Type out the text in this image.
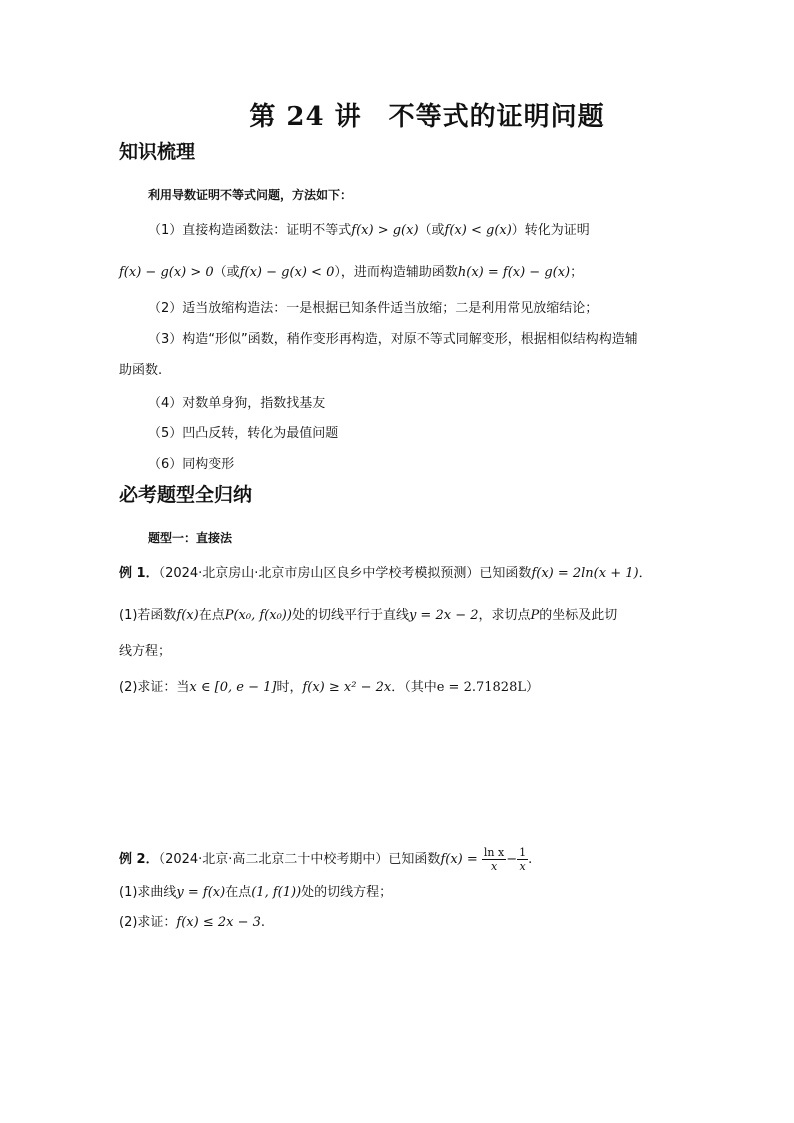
第 24 讲　不等式的证明问题
知识梳理
利用导数证明不等式问题，方法如下：
（1）直接构造函数法：证明不等式f(x) > g(x)（或f(x) < g(x)）转化为证明
f(x) − g(x) > 0（或f(x) − g(x) < 0），进而构造辅助函数h(x) = f(x) − g(x)；
（2）适当放缩构造法：一是根据已知条件适当放缩；二是利用常见放缩结论；
（3）构造“形似”函数，稍作变形再构造，对原不等式同解变形，根据相似结构构造辅
助函数.
（4）对数单身狗，指数找基友
（5）凹凸反转，转化为最值问题
（6）同构变形
必考题型全归纳
题型一：直接法
例 1．（2024·北京房山·北京市房山区良乡中学校考模拟预测）已知函数f(x) = 2ln(x + 1)．
(1)若函数f(x)在点P(x₀, f(x₀))处的切线平行于直线y = 2x − 2，求切点P的坐标及此切
线方程；
(2)求证：当x ∈ [0, e − 1]时，f(x) ≥ x² − 2x．（其中e = 2.71828L）
例 2．（2024·北京·高二北京二十中校考期中）已知函数$f(x) = \frac{\text{ln x}}{x} - \frac{1}{x}$ .
(1)求曲线y = f(x)在点(1, f(1))处的切线方程；
(2)求证：f(x) ≤ 2x − 3.
